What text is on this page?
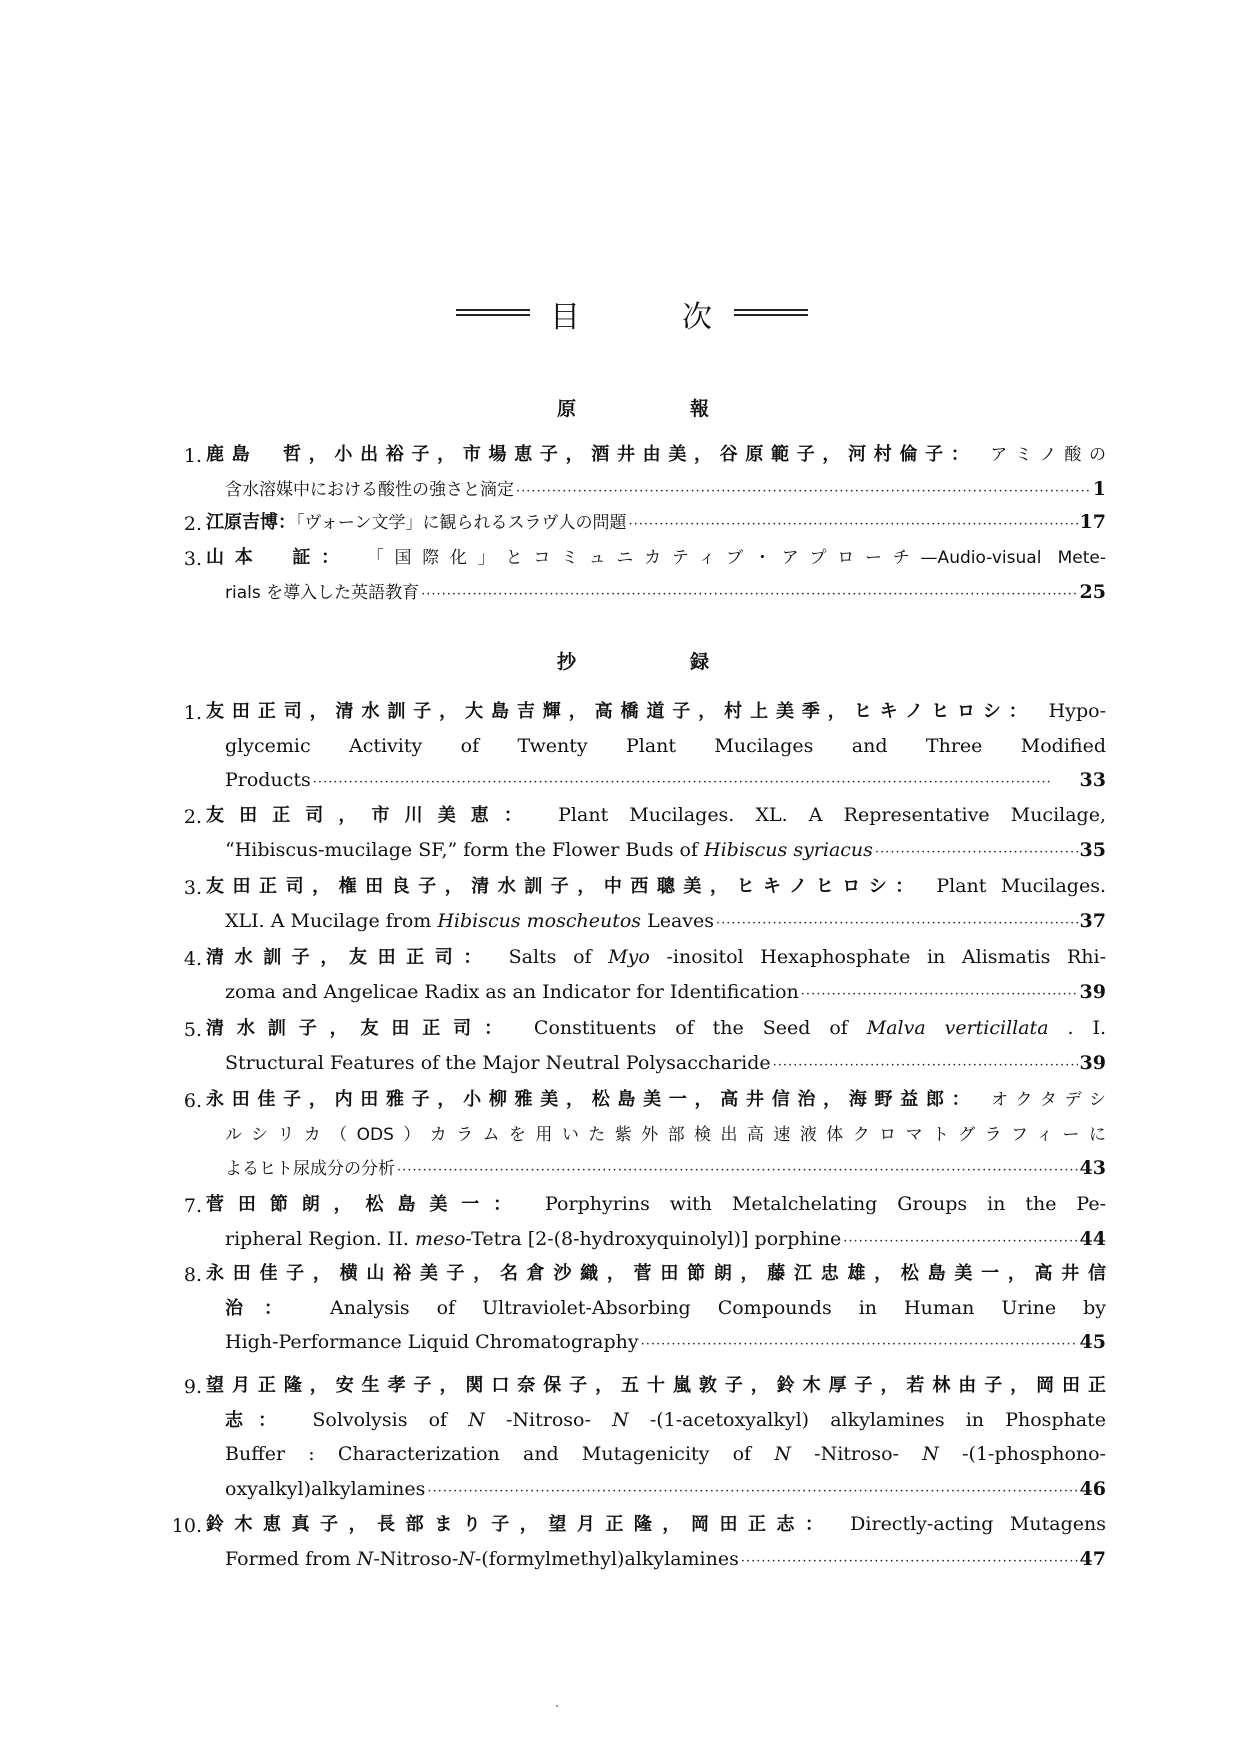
目	次
原	報
抄	録
1. 鹿島　哲，小出裕子，市場恵子，酒井由美，谷原範子，河村倫子： アミノ酸の
含水溶媒中における酸性の強さと滴定 ·····	1
2. 江原吉博：「ヴォーン文学」に観られるスラヴ人の問題 ·····	17
3. 山本　証： 「国際化」とコミュニカティブ・アプローチ—Audio-visual Mete-
rials を導入した英語教育 ·····	25
1. 友田正司，清水訓子，大島吉輝，高橋道子，村上美季，ヒキノヒロシ： Hypo-
glycemic Activity of Twenty Plant Mucilages and Three Modified
Products ·····	33
2. 友田正司，市川美恵： Plant Mucilages. XL. A Representative Mucilage,
“Hibiscus-mucilage SF,” form the Flower Buds of Hibiscus syriacus ·····	35
3. 友田正司，権田良子，清水訓子，中西聰美，ヒキノヒロシ： Plant Mucilages.
XLI. A Mucilage from Hibiscus moscheutos Leaves ·····	37
4. 清水訓子，友田正司： Salts of Myo -inositol Hexaphosphate in Alismatis Rhi-
zoma and Angelicae Radix as an Indicator for Identification ·····	39
5. 清水訓子，友田正司： Constituents of the Seed of Malva verticillata . I.
Structural Features of the Major Neutral Polysaccharide ·····	39
6. 永田佳子，内田雅子，小柳雅美，松島美一，高井信治，海野益郎： オクタデシ
ルシリカ（ODS）カラムを用いた紫外部検出高速液体クロマトグラフィーに
よるヒト尿成分の分析 ·····	43
7. 菅田節朗，松島美一： Porphyrins with Metalchelating Groups in the Pe-
ripheral Region. II. meso-Tetra [2-(8-hydroxyquinolyl)] porphine ·····	44
8. 永田佳子，横山裕美子，名倉沙織，菅田節朗，藤江忠雄，松島美一，高井信
治： Analysis of Ultraviolet-Absorbing Compounds in Human Urine by
High-Performance Liquid Chromatography ·····	45
9. 望月正隆，安生孝子，関口奈保子，五十嵐敦子，鈴木厚子，若林由子，岡田正
志： Solvolysis of N -Nitroso- N -(1-acetoxyalkyl) alkylamines in Phosphate
Buffer : Characterization and Mutagenicity of N -Nitroso- N -(1-phosphono-
oxyalkyl)alkylamines ·····	46
10. 鈴木恵真子，長部まり子，望月正隆，岡田正志： Directly-acting Mutagens
Formed from N-Nitroso-N-(formylmethyl)alkylamines ·····	47
